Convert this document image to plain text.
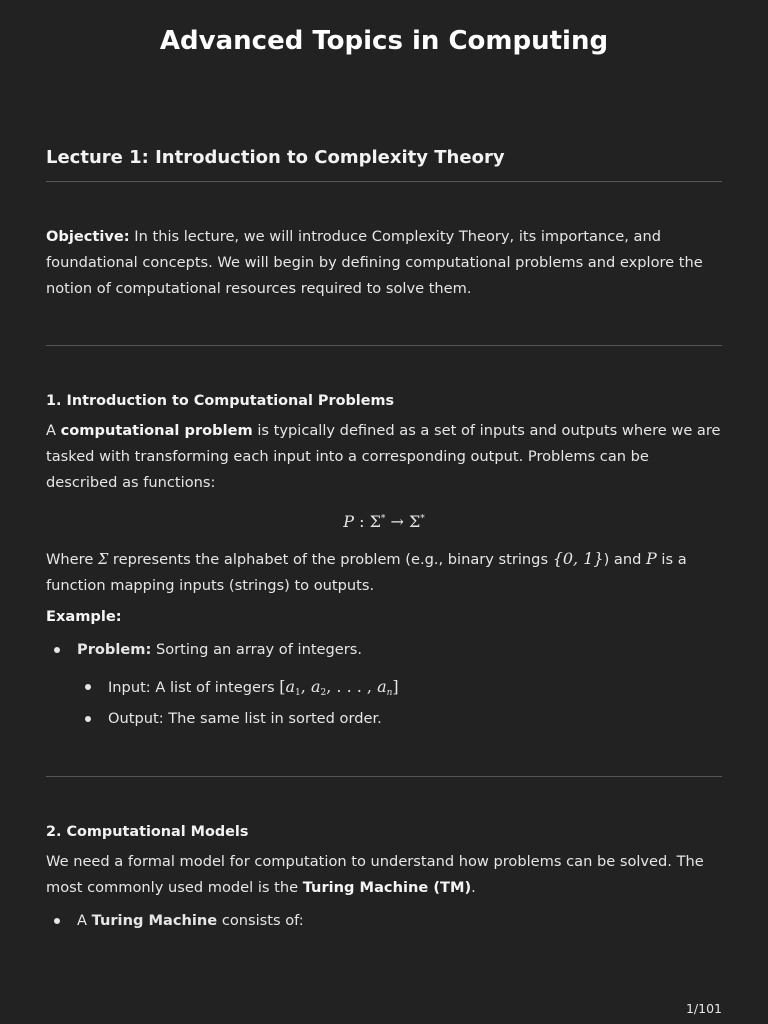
Advanced Topics in Computing
Lecture 1: Introduction to Complexity Theory
Objective: In this lecture, we will introduce Complexity Theory, its importance, and
foundational concepts. We will begin by defining computational problems and explore the
notion of computational resources required to solve them.
1. Introduction to Computational Problems
A computational problem is typically defined as a set of inputs and outputs where we are
tasked with transforming each input into a corresponding output. Problems can be
described as functions:
P : Σ* → Σ*
Where Σ represents the alphabet of the problem (e.g., binary strings {0, 1}) and P is a
function mapping inputs (strings) to outputs.
Example:
Problem: Sorting an array of integers.
Input: A list of integers [$a_1$, $a_2$, . . . , $a_n$]
Output: The same list in sorted order.
2. Computational Models
We need a formal model for computation to understand how problems can be solved. The
most commonly used model is the Turing Machine (TM).
A Turing Machine consists of:
1/101
